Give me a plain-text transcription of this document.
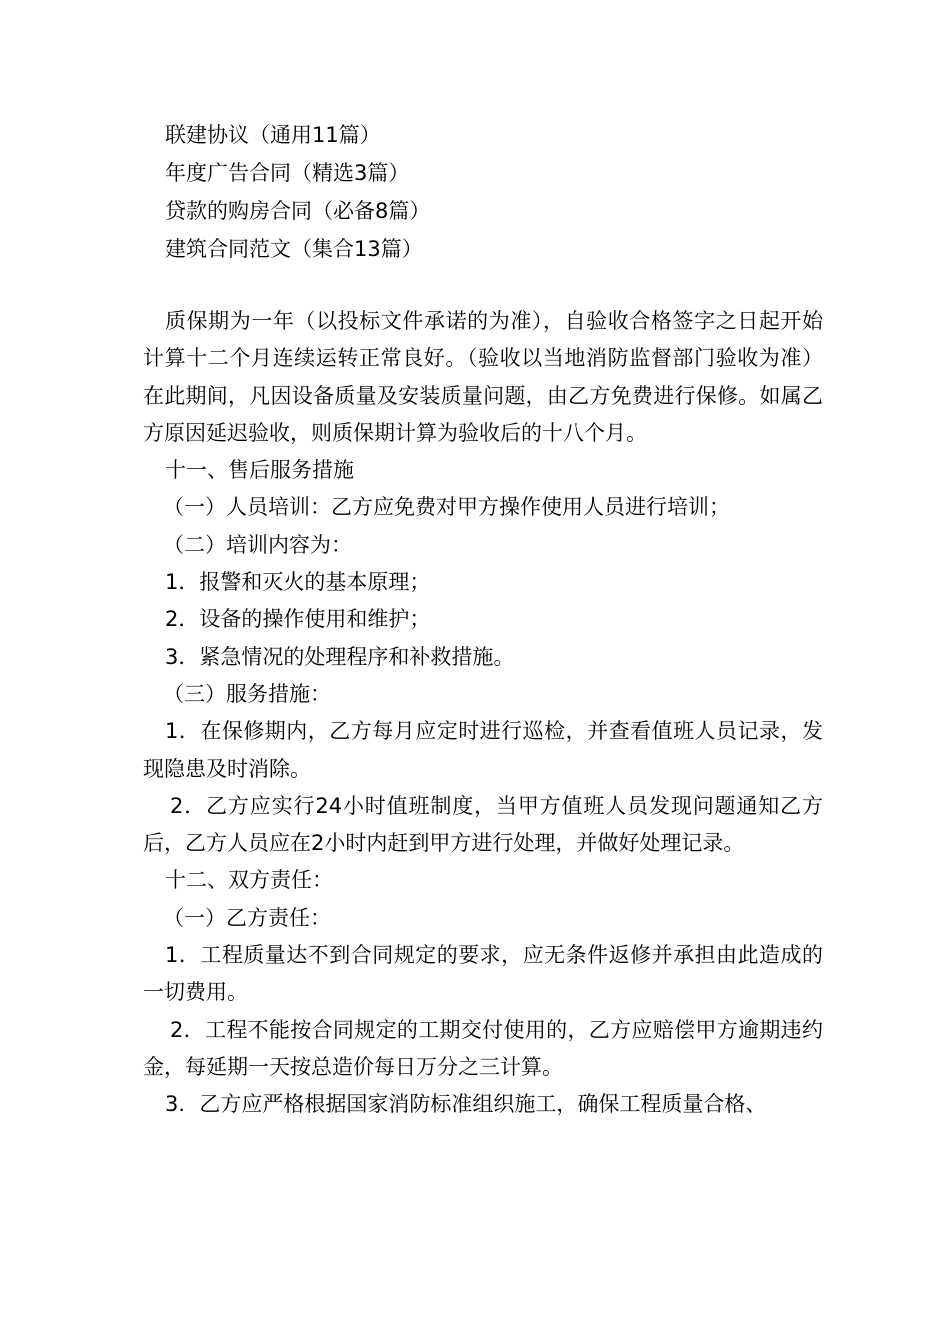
联建协议（通用11篇）
年度广告合同（精选3篇）
贷款的购房合同（必备8篇）
建筑合同范文（集合13篇）

质保期为一年（以投标文件承诺的为准），自验收合格签字之日起开始计算十二个月连续运转正常良好。（验收以当地消防监督部门验收为准）在此期间，凡因设备质量及安装质量问题，由乙方免费进行保修。如属乙方原因延迟验收，则质保期计算为验收后的十八个月。

十一、售后服务措施

（一）人员培训：乙方应免费对甲方操作使用人员进行培训；

（二）培训内容为：

1．报警和灭火的基本原理；

2．设备的操作使用和维护；

3．紧急情况的处理程序和补救措施。

（三）服务措施：

1．在保修期内，乙方每月应定时进行巡检，并查看值班人员记录，发现隐患及时消除。

2．乙方应实行24小时值班制度，当甲方值班人员发现问题通知乙方后，乙方人员应在2小时内赶到甲方进行处理，并做好处理记录。

十二、双方责任：

（一）乙方责任：

1．工程质量达不到合同规定的要求，应无条件返修并承担由此造成的一切费用。

2．工程不能按合同规定的工期交付使用的，乙方应赔偿甲方逾期违约金，每延期一天按总造价每日万分之三计算。

3．乙方应严格根据国家消防标准组织施工，确保工程质量合格、
